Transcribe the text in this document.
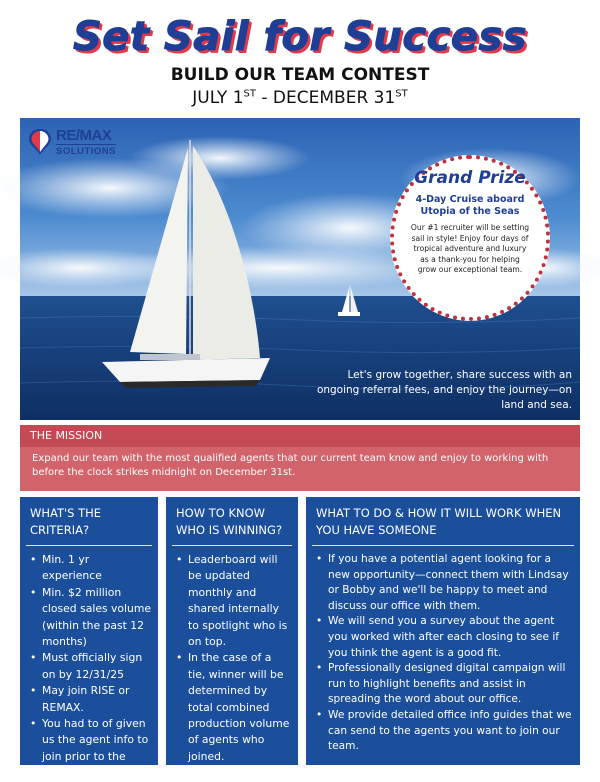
Set Sail for Success
BUILD OUR TEAM CONTEST
JULY 1ST - DECEMBER 31ST
RE/MAX
SOLUTIONS
Grand Prize
4-Day Cruise aboard Utopia of the Seas
Our #1 recruiter will be setting sail in style! Enjoy four days of tropical adventure and luxury as a thank-you for helping grow our exceptional team.
Let's grow together, share success with an ongoing referral fees, and enjoy the journey—on land and sea.
THE MISSION
Expand our team with the most qualified agents that our current team know and enjoy to working with before the clock strikes midnight on December 31st.
WHAT'S THE CRITERIA?
• Min. 1 yr experience
• Min. $2 million closed sales volume (within the past 12 months)
• Must officially sign on by 12/31/25
• May join RISE or REMAX.
• You had to of given us the agent info to join prior to the agent connecting.
HOW TO KNOW WHO IS WINNING?
• Leaderboard will be updated monthly and shared internally to spotlight who is on top.
• In the case of a tie, winner will be determined by total combined production volume of agents who joined.
WHAT TO DO & HOW IT WILL WORK WHEN YOU HAVE SOMEONE
• If you have a potential agent looking for a new opportunity—connect them with Lindsay or Bobby and we'll be happy to meet and discuss our office with them.
• We will send you a survey about the agent you worked with after each closing to see if you think the agent is a good fit.
• Professionally designed digital campaign will run to highlight benefits and assist in spreading the word about our office.
• We provide detailed office info guides that we can send to the agents you want to join our team.
